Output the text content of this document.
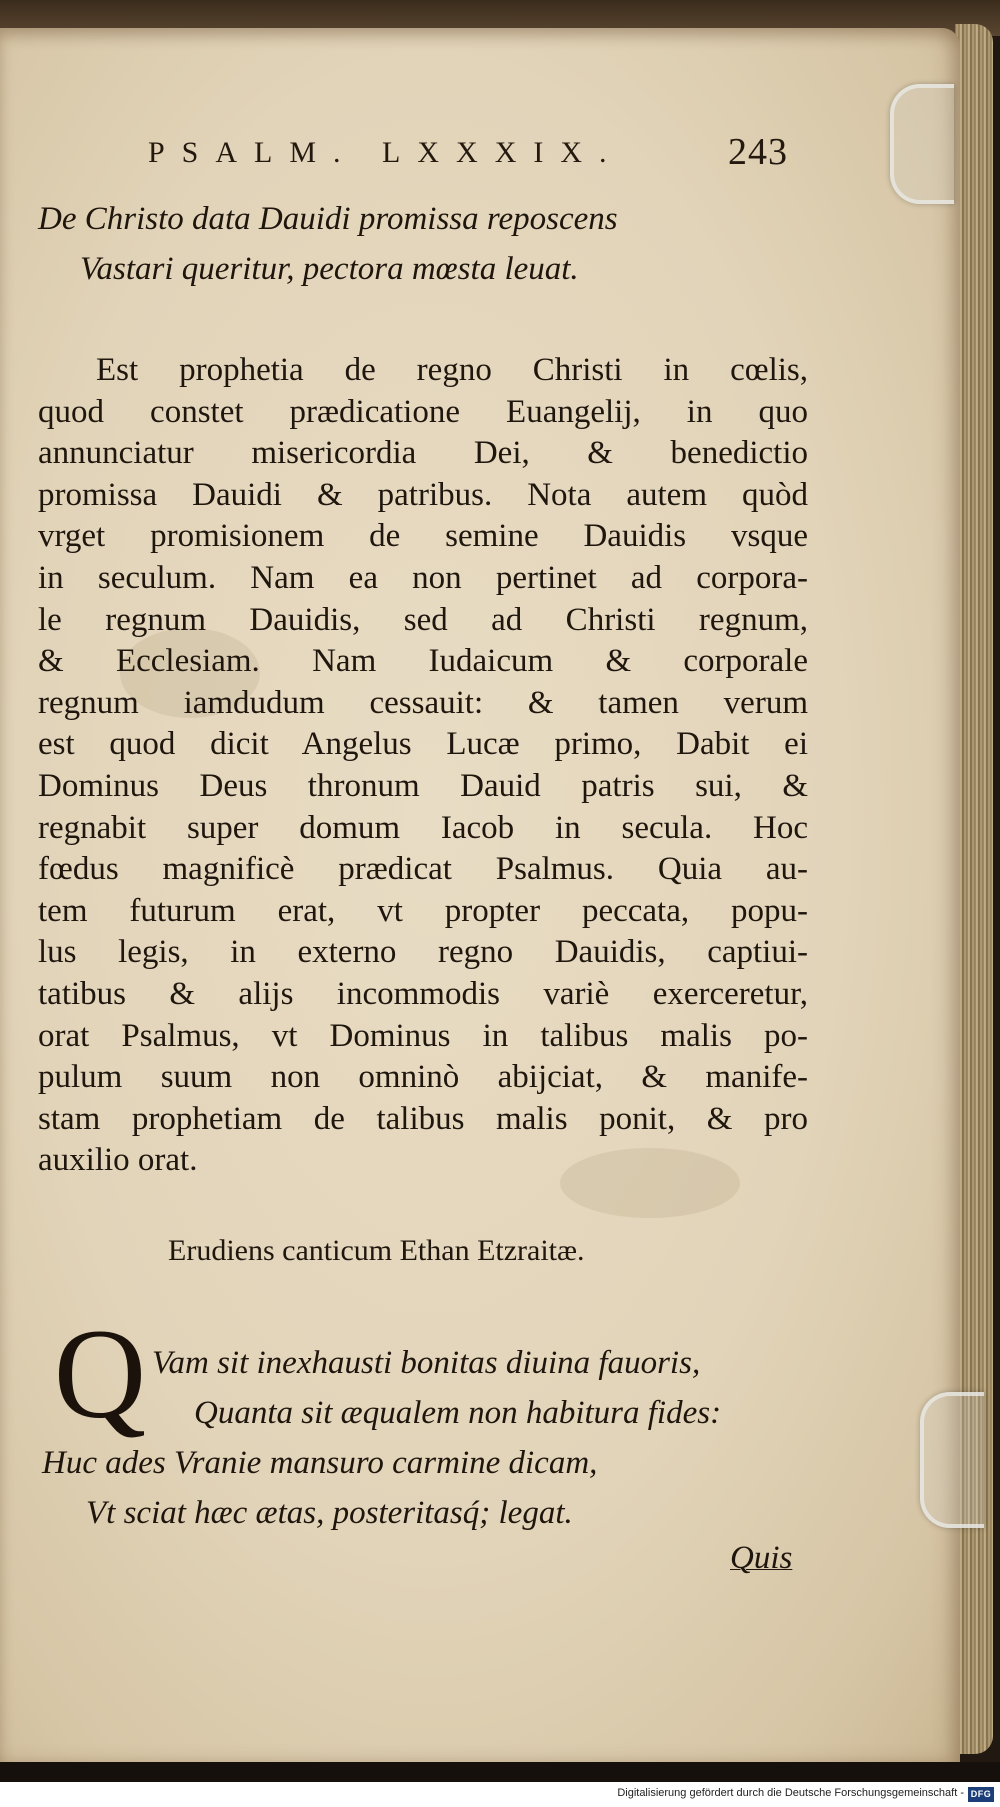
PSALM. LXXXIX.	243
De Christo data Dauidi promissa reposcens
Vastari queritur, pectora mœsta leuat.
Est prophetia de regno Christi in cœlis,
quod constet prædicatione Euangelij, in quo
annunciatur misericordia Dei, & benedictio
promissa Dauidi & patribus. Nota autem quòd
vrget promisionem de semine Dauidis vsque
in seculum. Nam ea non pertinet ad corpora-
le regnum Dauidis, sed ad Christi regnum,
& Ecclesiam. Nam Iudaicum & corporale
regnum iamdudum cessauit: & tamen verum
est quod dicit Angelus Lucæ primo, Dabit ei
Dominus Deus thronum Dauid patris sui, &
regnabit super domum Iacob in secula. Hoc
fœdus magnificè prædicat Psalmus. Quia au-
tem futurum erat, vt propter peccata, popu-
lus legis, in externo regno Dauidis, captiui-
tatibus & alijs incommodis variè exerceretur,
orat Psalmus, vt Dominus in talibus malis po-
pulum suum non omninò abijciat, & manife-
stam prophetiam de talibus malis ponit, & pro
auxilio orat.
Erudiens canticum Ethan Etzraitæ.
Q Vam sit inexhausti bonitas diuina fauoris,
Quanta sit æqualem non habitura fides:
Huc ades Vranie mansuro carmine dicam,
Vt sciat hæc ætas, posteritasq́; legat.
Quis
Digitalisierung gefördert durch die Deutsche Forschungsgemeinschaft - DFG
